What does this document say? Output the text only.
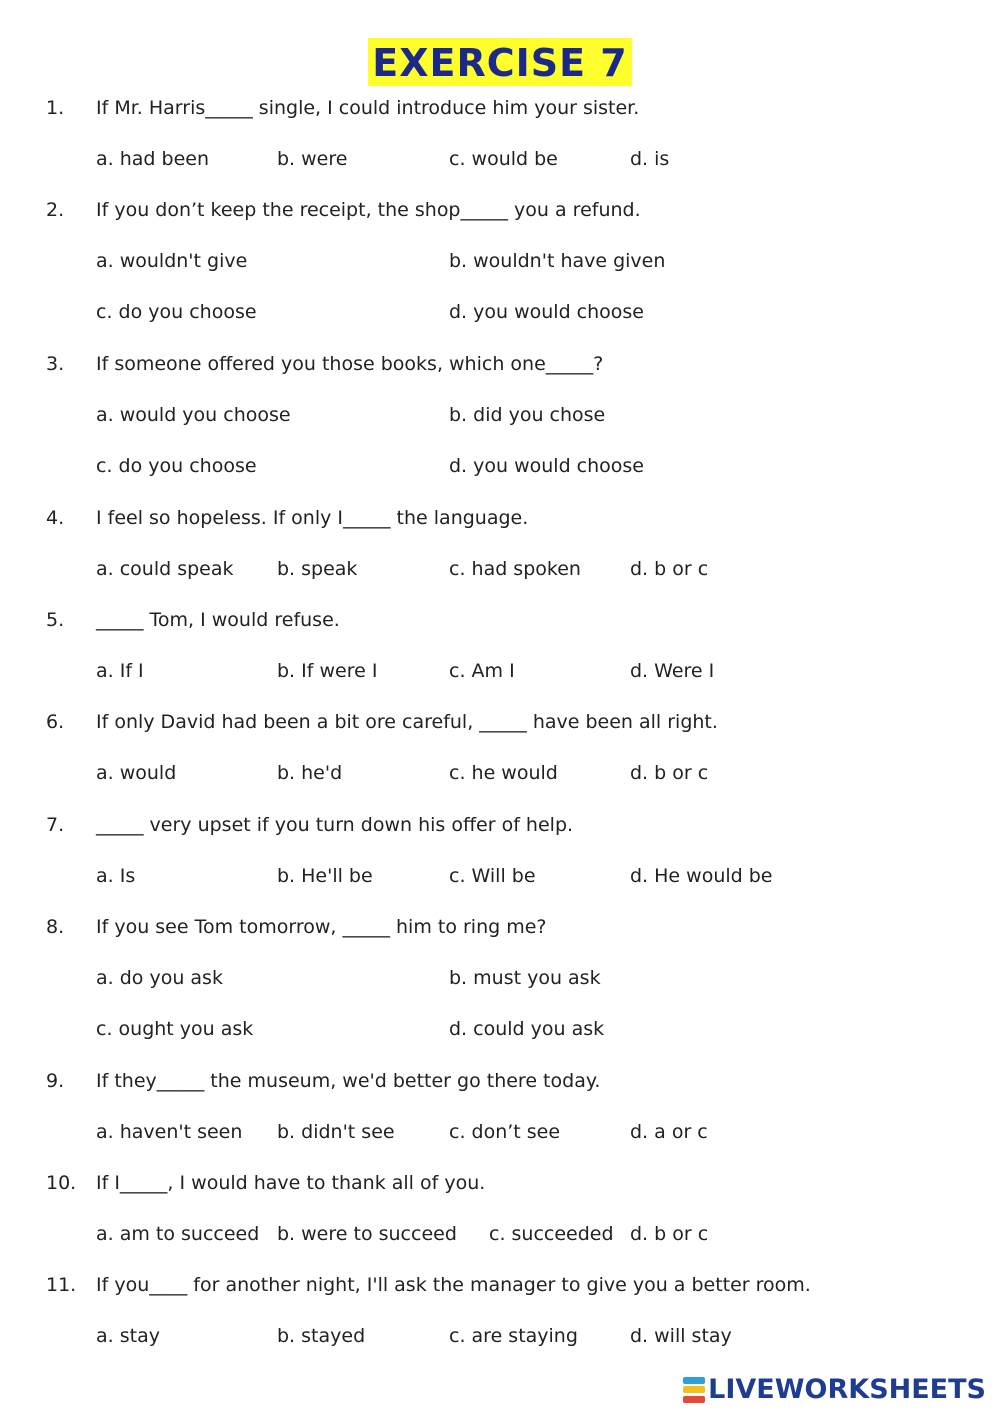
EXERCISE 7
1. If Mr. Harris_____ single, I could introduce him your sister.
a. had been	b. were	c. would be	d. is
2. If you don’t keep the receipt, the shop_____ you a refund.
a. wouldn't give	b. wouldn't have given
c. do you choose	d. you would choose
3. If someone offered you those books, which one_____?
a. would you choose	b. did you chose
c. do you choose	d. you would choose
4. I feel so hopeless. If only I_____ the language.
a. could speak b. speak	c. had spoken	d. b or c
5. _____ Tom, I would refuse.
a. If I	b. If were I	c. Am I	d. Were I
6. If only David had been a bit ore careful, _____ have been all right.
a. would	b. he'd	c. he would	d. b or c
7. _____ very upset if you turn down his offer of help.
a. Is	b. He'll be	c. Will be	d. He would be
8. If you see Tom tomorrow, _____ him to ring me?
a. do you ask	b. must you ask
c. ought you ask	d. could you ask
9. If they_____ the museum, we'd better go there today.
a. haven't seen b. didn't see	c. don’t see	d. a or c
10. If I_____, I would have to thank all of you.
a. am to succeed b. were to succeed c. succeeded d. b or c
11. If you____ for another night, I'll ask the manager to give you a better room.
a. stay	b. stayed	c. are staying	d. will stay
LIVEWORKSHEETS
